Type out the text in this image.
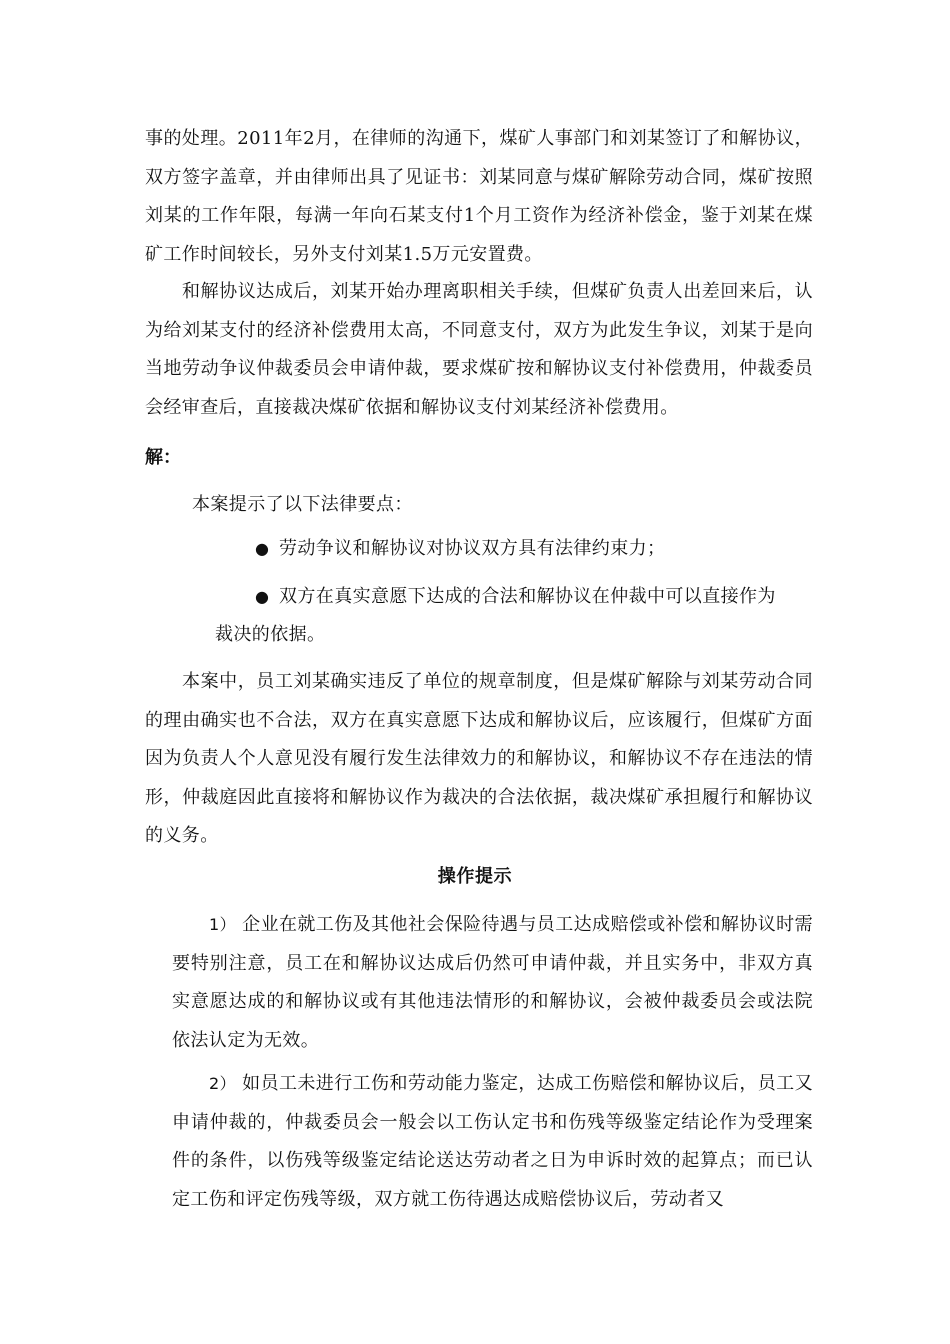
事的处理。2011年2月，在律师的沟通下，煤矿人事部门和刘某签订了和解协议，双方签字盖章，并由律师出具了见证书：刘某同意与煤矿解除劳动合同，煤矿按照刘某的工作年限，每满一年向石某支付1个月工资作为经济补偿金，鉴于刘某在煤矿工作时间较长，另外支付刘某1.5万元安置费。

和解协议达成后，刘某开始办理离职相关手续，但煤矿负责人出差回来后，认为给刘某支付的经济补偿费用太高，不同意支付，双方为此发生争议，刘某于是向当地劳动争议仲裁委员会申请仲裁，要求煤矿按和解协议支付补偿费用，仲裁委员会经审查后，直接裁决煤矿依据和解协议支付刘某经济补偿费用。

解：

本案提示了以下法律要点：

● 劳动争议和解协议对协议双方具有法律约束力；

● 双方在真实意愿下达成的合法和解协议在仲裁中可以直接作为

裁决的依据。

本案中，员工刘某确实违反了单位的规章制度，但是煤矿解除与刘某劳动合同的理由确实也不合法，双方在真实意愿下达成和解协议后，应该履行，但煤矿方面因为负责人个人意见没有履行发生法律效力的和解协议，和解协议不存在违法的情形，仲裁庭因此直接将和解协议作为裁决的合法依据，裁决煤矿承担履行和解协议的义务。

操作提示

1） 企业在就工伤及其他社会保险待遇与员工达成赔偿或补偿和解协议时需要特别注意，员工在和解协议达成后仍然可申请仲裁，并且实务中，非双方真实意愿达成的和解协议或有其他违法情形的和解协议，会被仲裁委员会或法院依法认定为无效。

2） 如员工未进行工伤和劳动能力鉴定，达成工伤赔偿和解协议后，员工又申请仲裁的，仲裁委员会一般会以工伤认定书和伤残等级鉴定结论作为受理案件的条件，以伤残等级鉴定结论送达劳动者之日为申诉时效的起算点；而已认定工伤和评定伤残等级，双方就工伤待遇达成赔偿协议后，劳动者又
